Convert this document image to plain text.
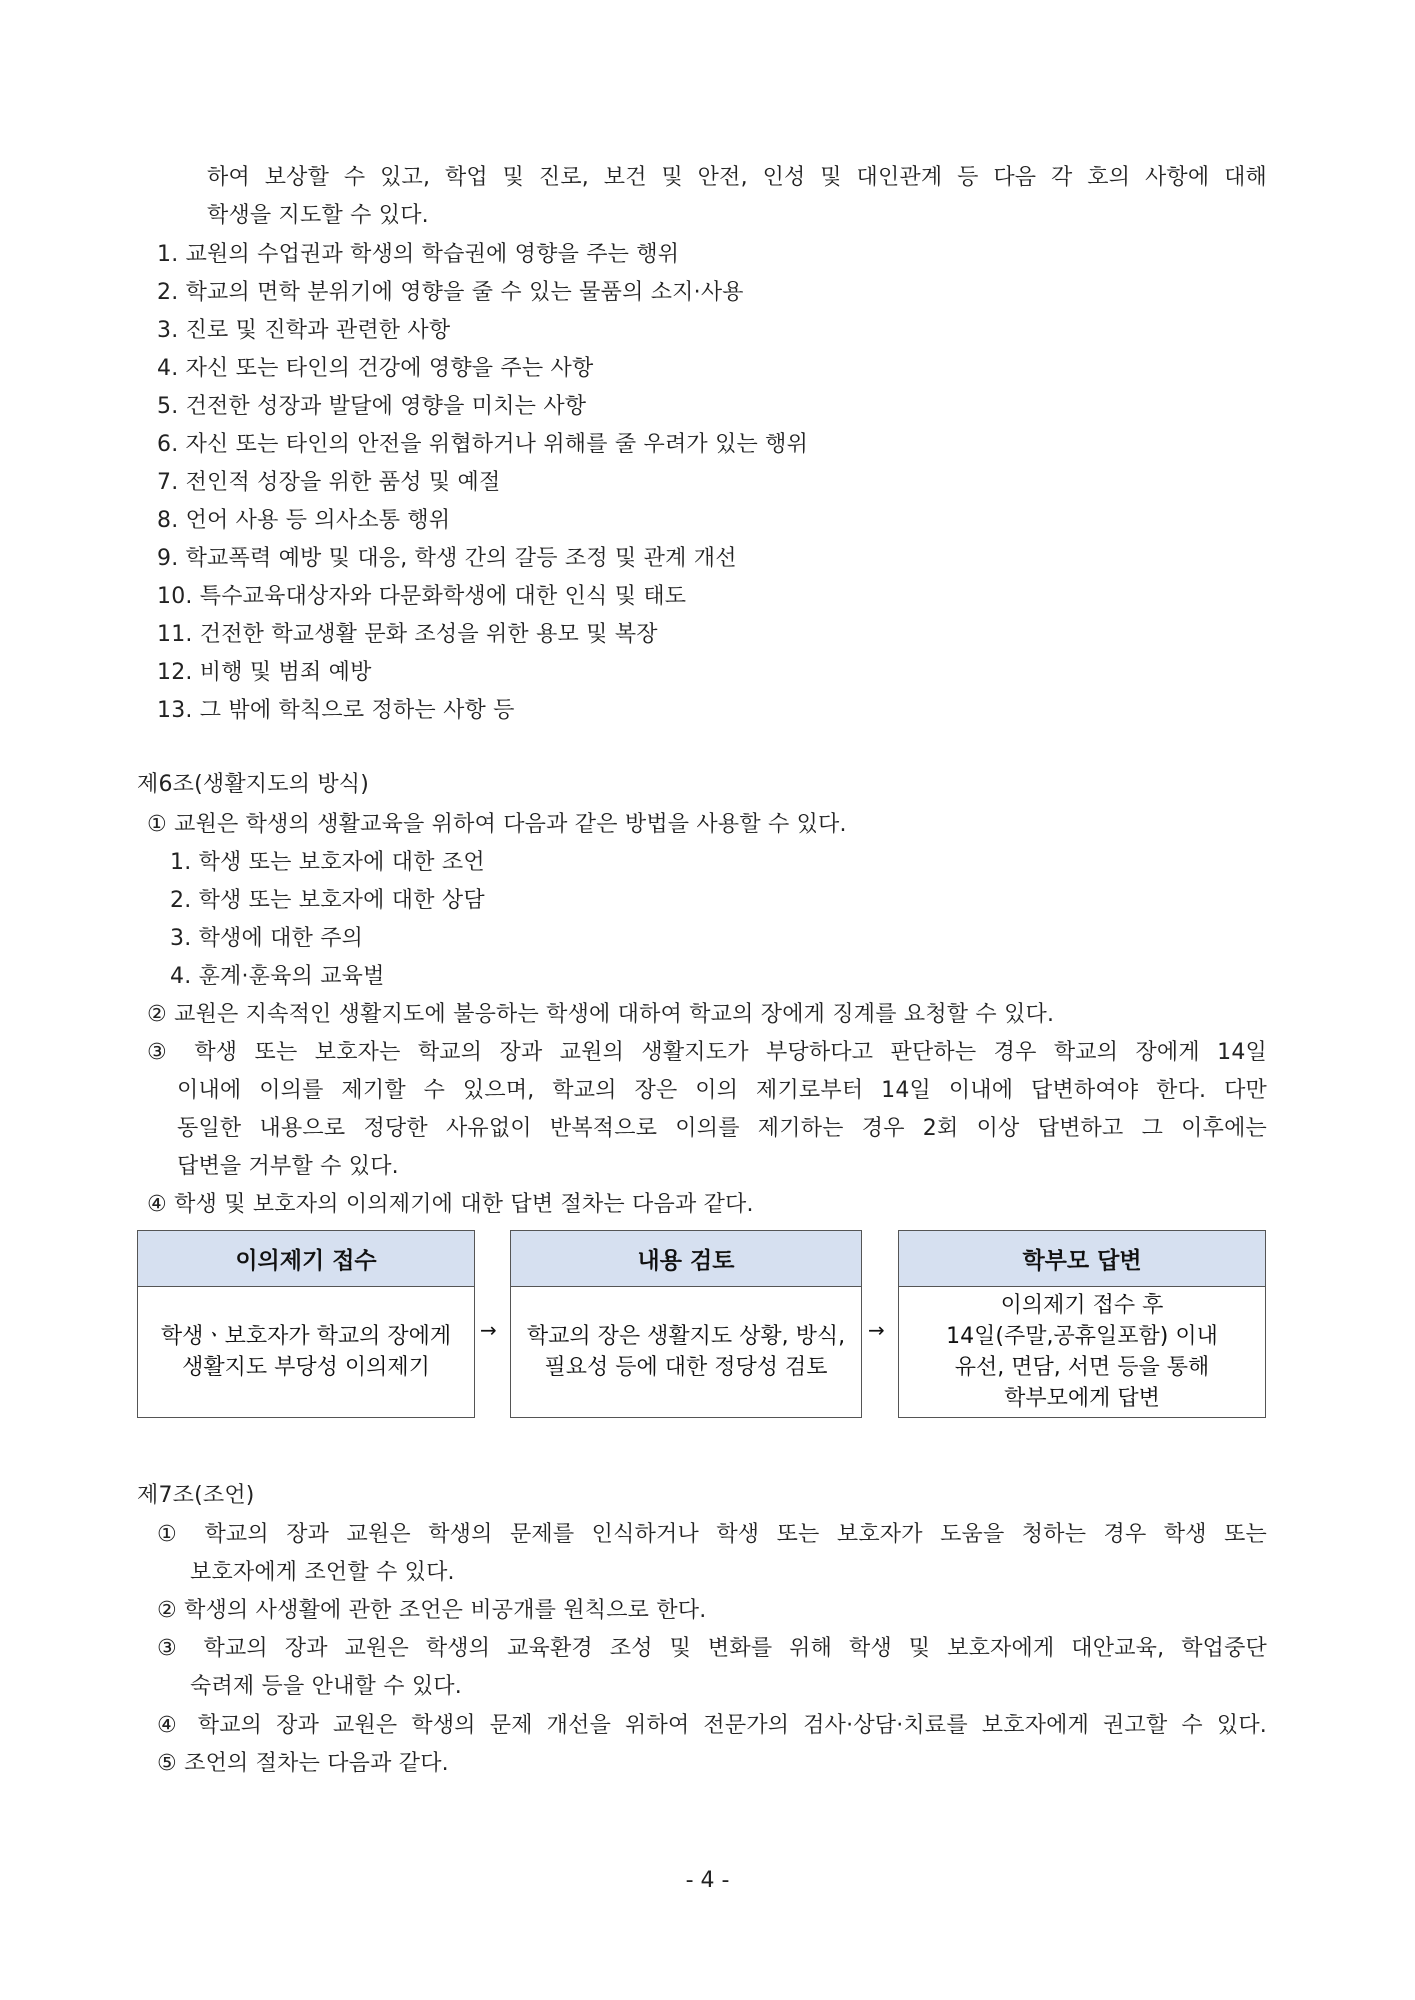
하여 보상할 수 있고, 학업 및 진로, 보건 및 안전, 인성 및 대인관계 등 다음 각 호의 사항에 대해
학생을 지도할 수 있다.
1. 교원의 수업권과 학생의 학습권에 영향을 주는 행위
2. 학교의 면학 분위기에 영향을 줄 수 있는 물품의 소지·사용
3. 진로 및 진학과 관련한 사항
4. 자신 또는 타인의 건강에 영향을 주는 사항
5. 건전한 성장과 발달에 영향을 미치는 사항
6. 자신 또는 타인의 안전을 위협하거나 위해를 줄 우려가 있는 행위
7. 전인적 성장을 위한 품성 및 예절
8. 언어 사용 등 의사소통 행위
9. 학교폭력 예방 및 대응, 학생 간의 갈등 조정 및 관계 개선
10. 특수교육대상자와 다문화학생에 대한 인식 및 태도
11. 건전한 학교생활 문화 조성을 위한 용모 및 복장
12. 비행 및 범죄 예방
13. 그 밖에 학칙으로 정하는 사항 등
제6조(생활지도의 방식)
① 교원은 학생의 생활교육을 위하여 다음과 같은 방법을 사용할 수 있다.
1. 학생 또는 보호자에 대한 조언
2. 학생 또는 보호자에 대한 상담
3. 학생에 대한 주의
4. 훈계·훈육의 교육벌
② 교원은 지속적인 생활지도에 불응하는 학생에 대하여 학교의 장에게 징계를 요청할 수 있다.
③ 학생 또는 보호자는 학교의 장과 교원의 생활지도가 부당하다고 판단하는 경우 학교의 장에게 14일
이내에 이의를 제기할 수 있으며, 학교의 장은 이의 제기로부터 14일 이내에 답변하여야 한다. 다만
동일한 내용으로 정당한 사유없이 반복적으로 이의를 제기하는 경우 2회 이상 답변하고 그 이후에는
답변을 거부할 수 있다.
④ 학생 및 보호자의 이의제기에 대한 답변 절차는 다음과 같다.
이의제기 접수
학생ㆍ보호자가 학교의 장에게
생활지도 부당성 이의제기
→
내용 검토
학교의 장은 생활지도 상황, 방식,
필요성 등에 대한 정당성 검토
→
학부모 답변
이의제기 접수 후
14일(주말,공휴일포함) 이내
유선, 면담, 서면 등을 통해
학부모에게 답변
제7조(조언)
① 학교의 장과 교원은 학생의 문제를 인식하거나 학생 또는 보호자가 도움을 청하는 경우 학생 또는
보호자에게 조언할 수 있다.
② 학생의 사생활에 관한 조언은 비공개를 원칙으로 한다.
③ 학교의 장과 교원은 학생의 교육환경 조성 및 변화를 위해 학생 및 보호자에게 대안교육, 학업중단
숙려제 등을 안내할 수 있다.
④ 학교의 장과 교원은 학생의 문제 개선을 위하여 전문가의 검사·상담·치료를 보호자에게 권고할 수 있다.
⑤ 조언의 절차는 다음과 같다.
- 4 -
